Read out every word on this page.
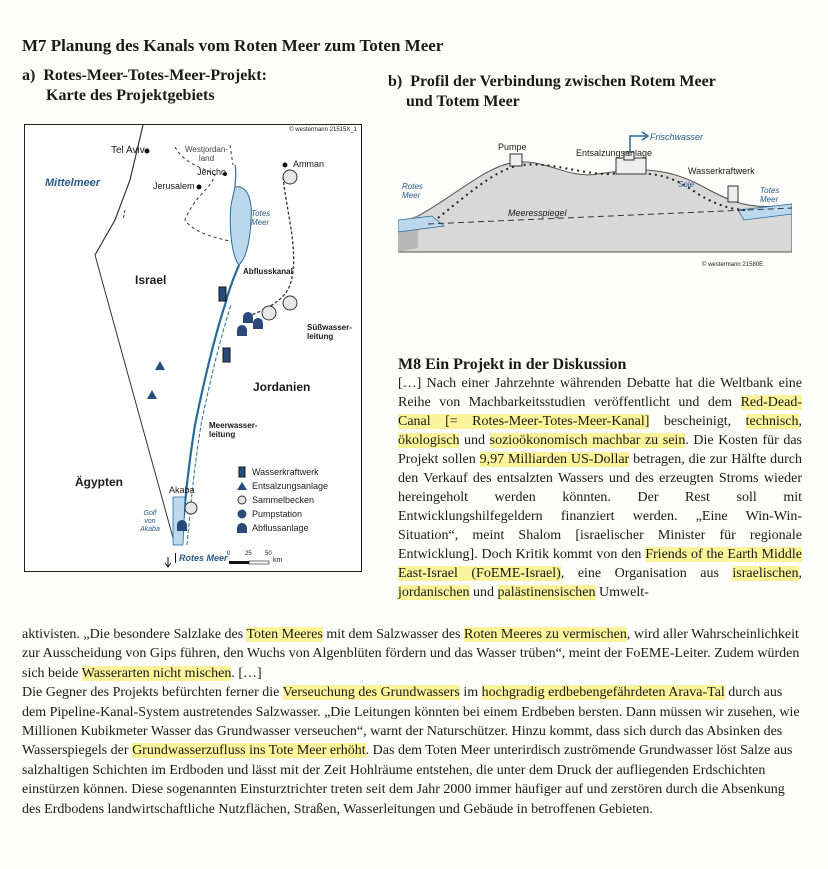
M7 Planung des Kanals vom Roten Meer zum Toten Meer
a) Rotes-Meer-Totes-Meer-Projekt:
Karte des Projektgebiets
b) Profil der Verbindung zwischen Rotem Meer
und Totem Meer
© westermann 21515X_1
Tel Aviv	Westjordan-
land
Jericho
Amman
Mittelmeer	Jerusalem
Totes
Meer
Israel
Abflusskanal
Süßwasser-
leitung
Jordanien
Meerwasser-
leitung
Ägypten
Akaba
Golf
von
Akaba
Rotes Meer 0 25 50
km
Wasserkraftwerk
Entsalzungsanlage
Sammelbecken
Pumpstation
Abflussanlage
Frischwasser
Pumpe
Entsalzungsanlage
Wasserkraftwerk
Rotes
Meer
Sole
Totes
Meer
Meeresspiegel
© westermann 21580E
M8 Ein Projekt in der Diskussion

[…] Nach einer Jahrzehnte währenden Debatte hat die Weltbank eine Reihe von Machbarkeitsstudien veröffentlicht und dem Red-Dead-Canal [= Rotes-Meer-Totes-Meer-Kanal] bescheinigt, technisch, ökologisch und sozioökonomisch machbar zu sein. Die Kosten für das Projekt sollen 9,97 Milliarden US-Dollar betragen, die zur Hälfte durch den Verkauf des entsalzten Wassers und des erzeugten Stroms wieder hereingeholt werden könnten. Der Rest soll mit Entwicklungshilfegeldern finanziert werden. „Eine Win-Win-Situation“, meint Shalom [israelischer Minister für regionale Entwicklung]. Doch Kritik kommt von den Friends of the Earth Middle East-Israel (FoEME-Israel), eine Organisation aus israelischen, jordanischen und palästinensischen Umwelt-

aktivisten. „Die besondere Salzlake des Toten Meeres mit dem Salzwasser des Roten Meeres zu vermischen, wird aller Wahrscheinlichkeit zur Ausscheidung von Gips führen, den Wuchs von Algenblüten fördern und das Wasser trüben“, meint der FoEME-Leiter. Zudem würden sich beide Wasserarten nicht mischen. […]

Die Gegner des Projekts befürchten ferner die Verseuchung des Grundwassers im hochgradig erdbebengefährdeten Arava-Tal durch aus dem Pipeline-Kanal-System austretendes Salzwasser. „Die Leitungen könnten bei einem Erdbeben bersten. Dann müssen wir zusehen, wie Millionen Kubikmeter Wasser das Grundwasser verseuchen“, warnt der Naturschützer. Hinzu kommt, dass sich durch das Absinken des Wasserspiegels der Grundwasserzufluss ins Tote Meer erhöht. Das dem Toten Meer unterirdisch zuströmende Grundwasser löst Salze aus salzhaltigen Schichten im Erdboden und lässt mit der Zeit Hohlräume entstehen, die unter dem Druck der aufliegenden Erdschichten einstürzen können. Diese sogenannten Einsturztrichter treten seit dem Jahr 2000 immer häufiger auf und zerstören durch die Absenkung des Erdbodens landwirtschaftliche Nutzflächen, Straßen, Wasserleitungen und Gebäude in betroffenen Gebieten.
